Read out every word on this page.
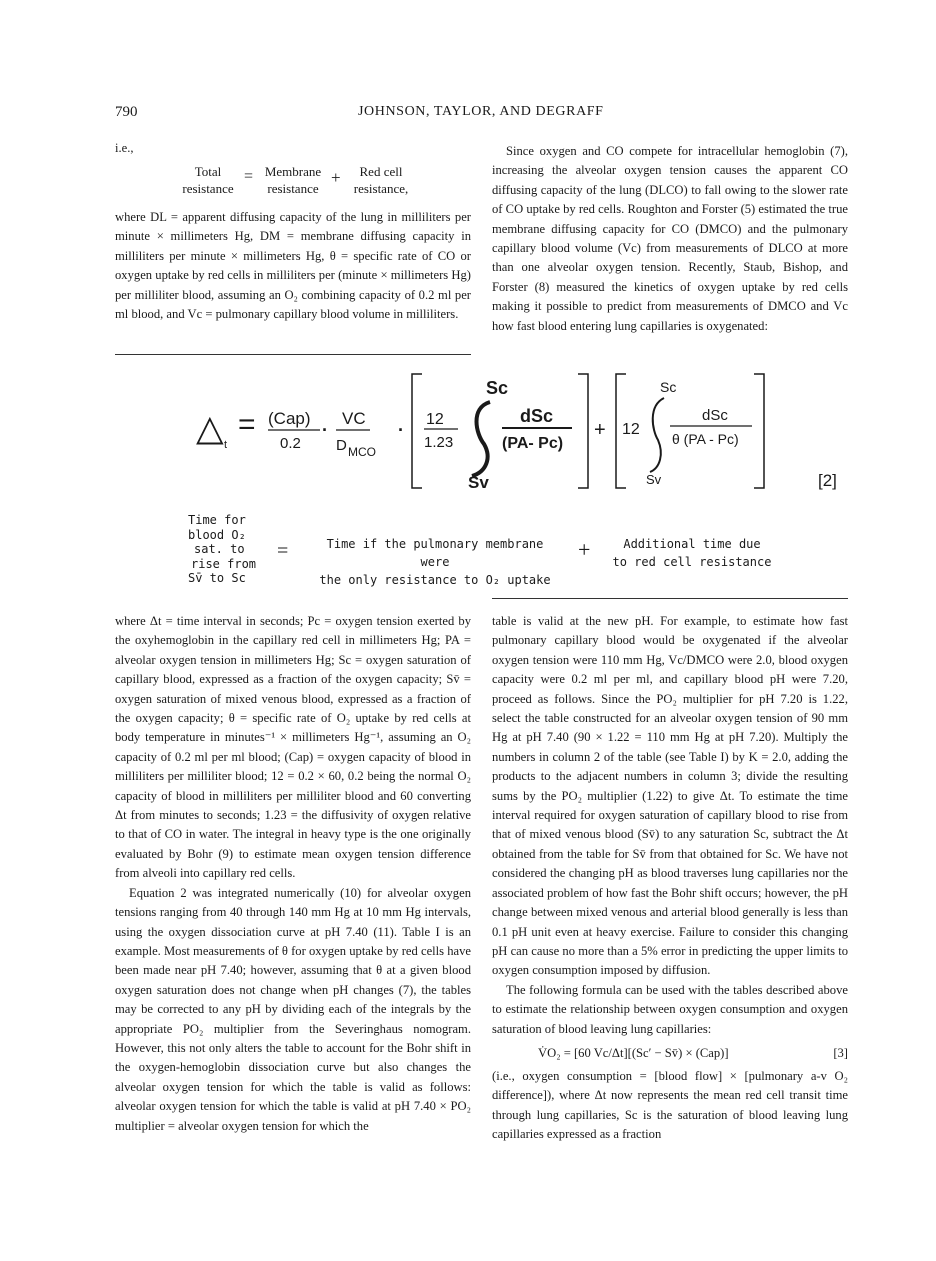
790	JOHNSON, TAYLOR, AND DEGRAFF
i.e.,
Total
resistance
= Membrane
resistance
+	Red cell
resistance,

where DL = apparent diffusing capacity of the lung in milliliters per minute × millimeters Hg, DM = membrane diffusing capacity in milliliters per minute × millimeters Hg, θ = specific rate of CO or oxygen uptake by red cells in milliliters per (minute × millimeters Hg) per milliliter blood, assuming an O₂ combining capacity of 0.2 ml per ml blood, and Vc = pulmonary capillary blood volume in milliliters.

Since oxygen and CO compete for intracellular hemoglobin (7), increasing the alveolar oxygen tension causes the apparent CO diffusing capacity of the lung (DLCO) to fall owing to the slower rate of CO uptake by red cells. Roughton and Forster (5) estimated the true membrane diffusing capacity for CO (DMCO) and the pulmonary capillary blood volume (Vc) from measurements of DLCO at more than one alveolar oxygen tension. Recently, Staub, Bishop, and Forster (8) measured the kinetics of oxygen uptake by red cells making it possible to predict from measurements of DMCO and Vc how fast blood entering lung capillaries is oxygenated:

△ t
= (Cap)
0.2
·
VC
D MCO
·
12
1.23
Sc
Sv
dSc
(PA- Pc)
+ 12
Sc
Sv
dSc
θ (PA - Pc)
[2]
Time for
blood O₂
sat. to
rise from
Sv̄ to Sc
=	Time if the pulmonary membrane were
the only resistance to O₂ uptake
+	Additional time due
to red cell resistance

where Δt = time interval in seconds; Pc = oxygen tension exerted by the oxyhemoglobin in the capillary red cell in millimeters Hg; PA = alveolar oxygen tension in millimeters Hg; Sc = oxygen saturation of capillary blood, expressed as a fraction of the oxygen capacity; Sv̄ = oxygen saturation of mixed venous blood, expressed as a fraction of the oxygen capacity; θ = specific rate of O₂ uptake by red cells at body temperature in minutes⁻¹ × millimeters Hg⁻¹, assuming an O₂ capacity of 0.2 ml per ml blood; (Cap) = oxygen capacity of blood in milliliters per milliliter blood; 12 = 0.2 × 60, 0.2 being the normal O₂ capacity of blood in milliliters per milliliter blood and 60 converting Δt from minutes to seconds; 1.23 = the diffusivity of oxygen relative to that of CO in water. The integral in heavy type is the one originally evaluated by Bohr (9) to estimate mean oxygen tension difference from alveoli into capillary red cells.

Equation 2 was integrated numerically (10) for alveolar oxygen tensions ranging from 40 through 140 mm Hg at 10 mm Hg intervals, using the oxygen dissociation curve at pH 7.40 (11). Table I is an example. Most measurements of θ for oxygen uptake by red cells have been made near pH 7.40; however, assuming that θ at a given blood oxygen saturation does not change when pH changes (7), the tables may be corrected to any pH by dividing each of the integrals by the appropriate PO₂ multiplier from the Severinghaus nomogram. However, this not only alters the table to account for the Bohr shift in the oxygen-hemoglobin dissociation curve but also changes the alveolar oxygen tension for which the table is valid as follows: alveolar oxygen tension for which the table is valid at pH 7.40 × PO₂ multiplier = alveolar oxygen tension for which the

table is valid at the new pH. For example, to estimate how fast pulmonary capillary blood would be oxygenated if the alveolar oxygen tension were 110 mm Hg, Vc/DMCO were 2.0, blood oxygen capacity were 0.2 ml per ml, and capillary blood pH were 7.20, proceed as follows. Since the PO₂ multiplier for pH 7.20 is 1.22, select the table constructed for an alveolar oxygen tension of 90 mm Hg at pH 7.40 (90 × 1.22 = 110 mm Hg at pH 7.20). Multiply the numbers in column 2 of the table (see Table I) by K = 2.0, adding the products to the adjacent numbers in column 3; divide the resulting sums by the PO₂ multiplier (1.22) to give Δt. To estimate the time interval required for oxygen saturation of capillary blood to rise from that of mixed venous blood (Sv̄) to any saturation Sc, subtract the Δt obtained from the table for Sv̄ from that obtained for Sc. We have not considered the changing pH as blood traverses lung capillaries nor the associated problem of how fast the Bohr shift occurs; however, the pH change between mixed venous and arterial blood generally is less than 0.1 pH unit even at heavy exercise. Failure to consider this changing pH can cause no more than a 5% error in predicting the upper limits to oxygen consumption imposed by diffusion.

The following formula can be used with the tables described above to estimate the relationship between oxygen consumption and oxygen saturation of blood leaving lung capillaries:

V̇O₂ = [60 Vc/Δt][(Sc′ − Sv̄) × (Cap)]	[3]

(i.e., oxygen consumption = [blood flow] × [pulmonary a-v O₂ difference]), where Δt now represents the mean red cell transit time through lung capillaries, Sc is the saturation of blood leaving lung capillaries expressed as a fraction
